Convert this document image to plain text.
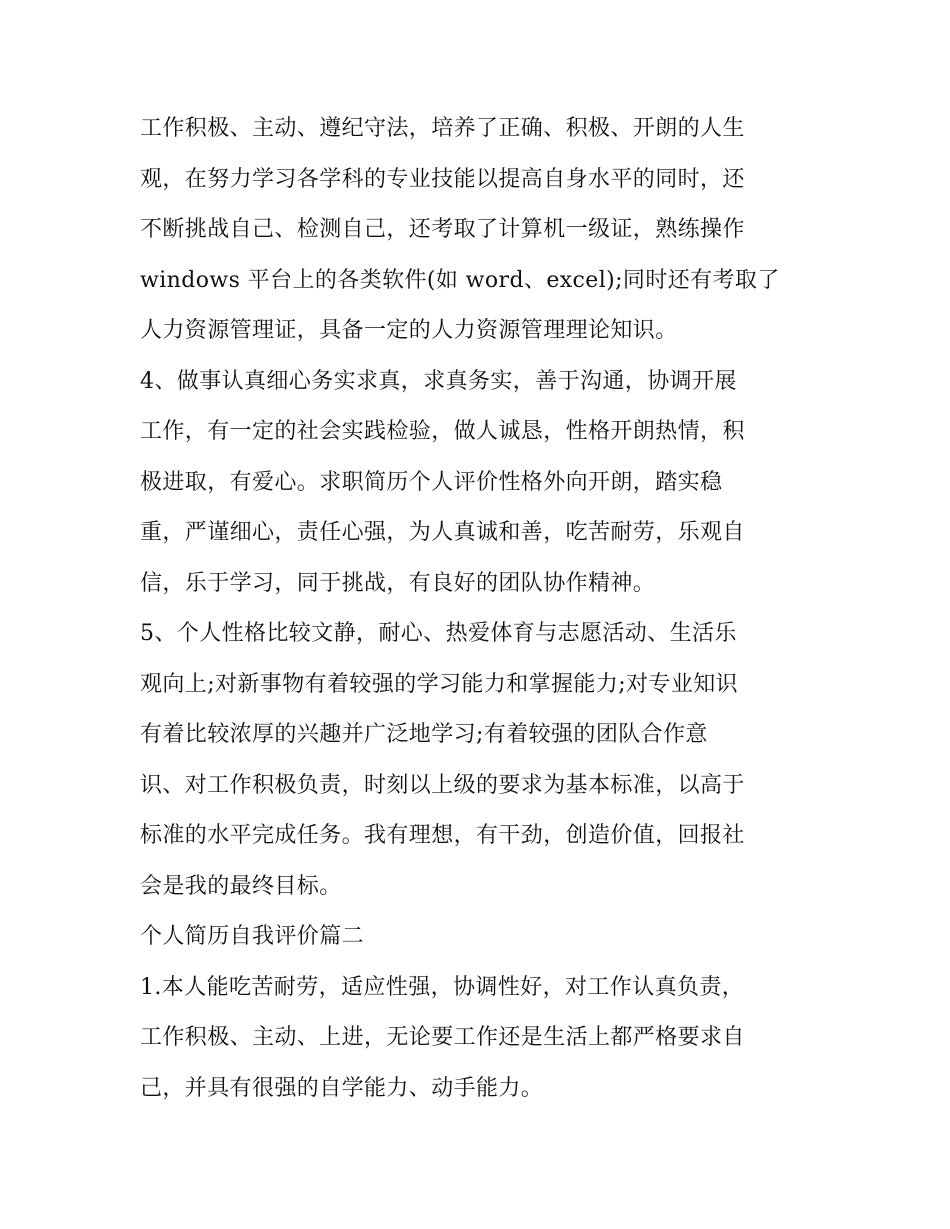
工作积极、主动、遵纪守法，培养了正确、积极、开朗的人生
观，在努力学习各学科的专业技能以提高自身水平的同时，还
不断挑战自己、检测自己，还考取了计算机一级证，熟练操作
windows 平台上的各类软件(如 word、excel);同时还有考取了
人力资源管理证，具备一定的人力资源管理理论知识。
4、做事认真细心务实求真，求真务实，善于沟通，协调开展
工作，有一定的社会实践检验，做人诚恳，性格开朗热情，积
极进取，有爱心。求职简历个人评价性格外向开朗，踏实稳
重，严谨细心，责任心强，为人真诚和善，吃苦耐劳，乐观自
信，乐于学习，同于挑战，有良好的团队协作精神。
5、个人性格比较文静，耐心、热爱体育与志愿活动、生活乐
观向上;对新事物有着较强的学习能力和掌握能力;对专业知识
有着比较浓厚的兴趣并广泛地学习;有着较强的团队合作意
识、对工作积极负责，时刻以上级的要求为基本标准，以高于
标准的水平完成任务。我有理想，有干劲，创造价值，回报社
会是我的最终目标。
个人简历自我评价篇二
1.本人能吃苦耐劳，适应性强，协调性好，对工作认真负责，
工作积极、主动、上进，无论要工作还是生活上都严格要求自
己，并具有很强的自学能力、动手能力。
